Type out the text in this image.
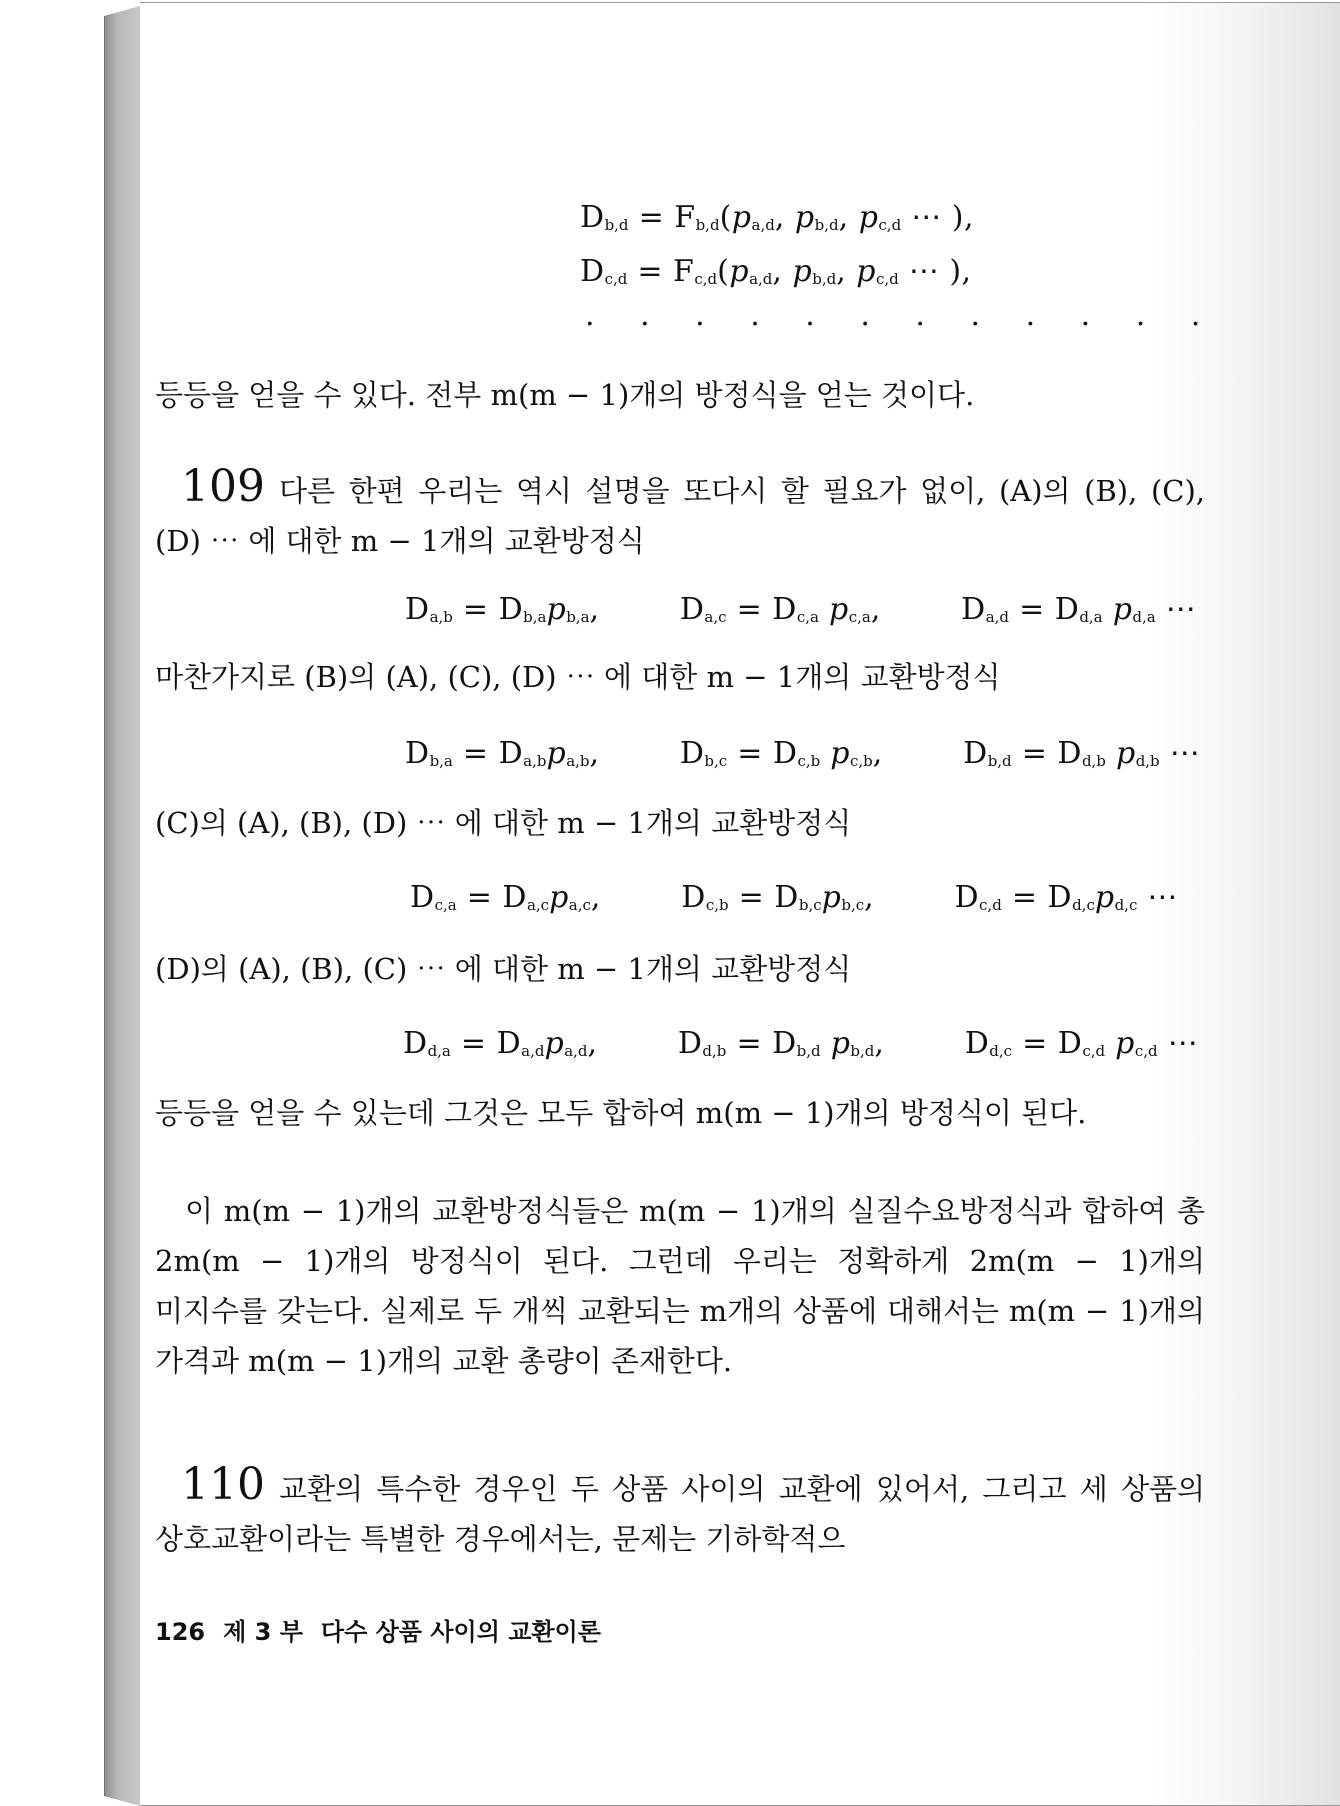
$D_{b,d} = F_{b,d}(p_{a,d}$, $p_{b,d}$, $p_{c,d}$ ⋯ ),
$D_{c,d} = F_{c,d}(p_{a,d}$, $p_{b,d}$, $p_{c,d}$ ⋯ ),
. . . . . . . . . . . .
등등을 얻을 수 있다. 전부 m(m − 1)개의 방정식을 얻는 것이다.
109 다른 한편 우리는 역시 설명을 또다시 할 필요가 없이, (A)의 (B), (C), (D) ⋯ 에 대한 m − 1개의 교환방정식
$D_{a,b} = D_{b,a}p_{b,a}$,        $D_{a,c} = D_{c,a}$ $p_{c,a}$,        $D_{a,d} = D_{d,a}$ $p_{d,a}$ ⋯
마찬가지로 (B)의 (A), (C), (D) ⋯ 에 대한 m − 1개의 교환방정식
$D_{b,a} = D_{a,b}p_{a,b}$,        $D_{b,c} = D_{c,b}$ $p_{c,b}$,        $D_{b,d} = D_{d,b}$ $p_{d,b}$ ⋯
(C)의 (A), (B), (D) ⋯ 에 대한 m − 1개의 교환방정식
$D_{c,a} = D_{a,c}p_{a,c}$,        $D_{c,b} = D_{b,c}p_{b,c}$,        $D_{c,d} = D_{d,c}p_{d,c}$ ⋯
(D)의 (A), (B), (C) ⋯ 에 대한 m − 1개의 교환방정식
$D_{d,a} = D_{a,d}p_{a,d}$,        $D_{d,b} = D_{b,d}$ $p_{b,d}$,        $D_{d,c} = D_{c,d}$ $p_{c,d}$ ⋯
등등을 얻을 수 있는데 그것은 모두 합하여 m(m − 1)개의 방정식이 된다.
이 m(m − 1)개의 교환방정식들은 m(m − 1)개의 실질수요방정식과 합하여 총 2m(m − 1)개의 방정식이 된다. 그런데 우리는 정확하게 2m(m − 1)개의 미지수를 갖는다. 실제로 두 개씩 교환되는 m개의 상품에 대해서는 m(m − 1)개의 가격과 m(m − 1)개의 교환 총량이 존재한다.
110 교환의 특수한 경우인 두 상품 사이의 교환에 있어서, 그리고 세 상품의 상호교환이라는 특별한 경우에서는, 문제는 기하학적으
126 제 3 부 다수 상품 사이의 교환이론
